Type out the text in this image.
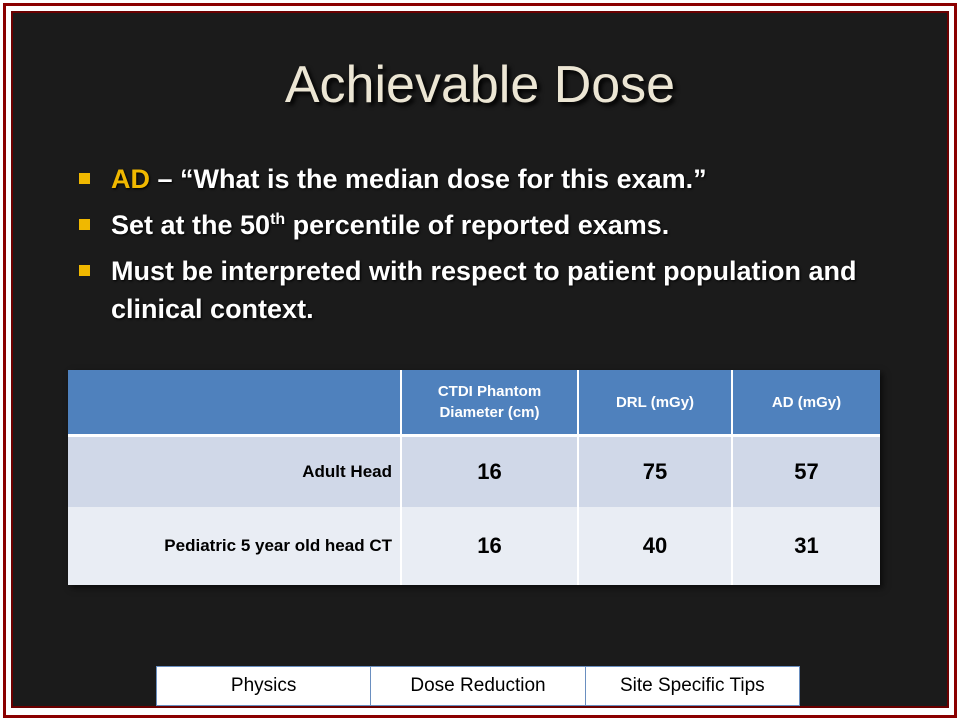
Achievable Dose
AD – “What is the median dose for this exam.”
Set at the 50th percentile of reported exams.
Must be interpreted with respect to patient population and clinical context.
	CTDI Phantom Diameter (cm)	DRL (mGy)	AD (mGy)
Adult Head	16	75	57
Pediatric 5 year old head CT	16	40	31
Physics	Dose Reduction	Site Specific Tips
